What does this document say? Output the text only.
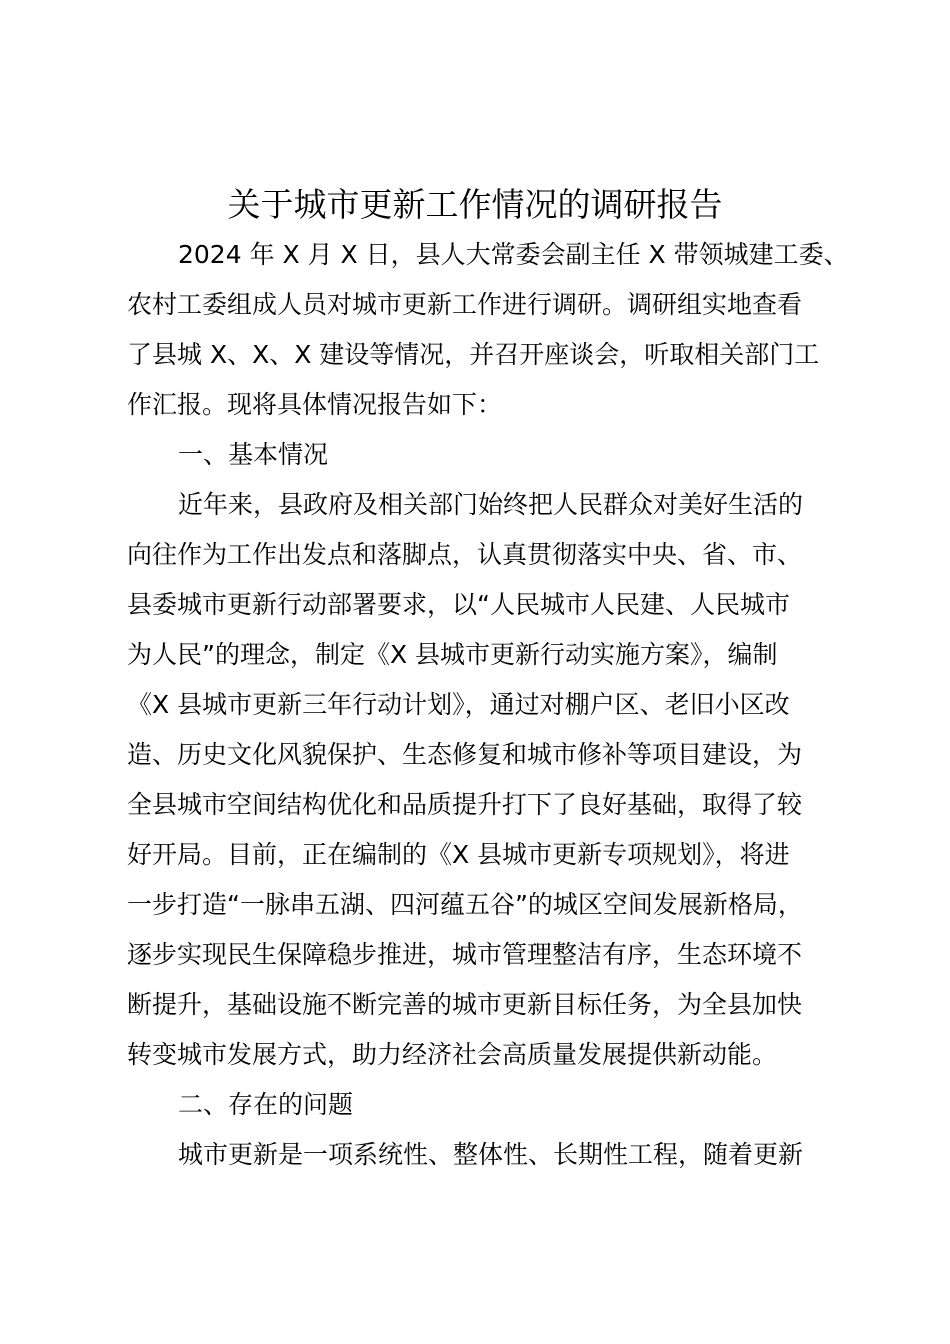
关于城市更新工作情况的调研报告
2024 年 X 月 X 日，县人大常委会副主任 X 带领城建工委、
农村工委组成人员对城市更新工作进行调研。调研组实地查看
了县城 X、X、X 建设等情况，并召开座谈会，听取相关部门工
作汇报。现将具体情况报告如下：
一、基本情况
近年来，县政府及相关部门始终把人民群众对美好生活的
向往作为工作出发点和落脚点，认真贯彻落实中央、省、市、
县委城市更新行动部署要求，以“人民城市人民建、人民城市
为人民”的理念，制定《X 县城市更新行动实施方案》，编制
《X 县城市更新三年行动计划》，通过对棚户区、老旧小区改
造、历史文化风貌保护、生态修复和城市修补等项目建设，为
全县城市空间结构优化和品质提升打下了良好基础，取得了较
好开局。目前，正在编制的《X 县城市更新专项规划》，将进
一步打造“一脉串五湖、四河蕴五谷”的城区空间发展新格局，
逐步实现民生保障稳步推进，城市管理整洁有序，生态环境不
断提升，基础设施不断完善的城市更新目标任务，为全县加快
转变城市发展方式，助力经济社会高质量发展提供新动能。
二、存在的问题
城市更新是一项系统性、整体性、长期性工程，随着更新
